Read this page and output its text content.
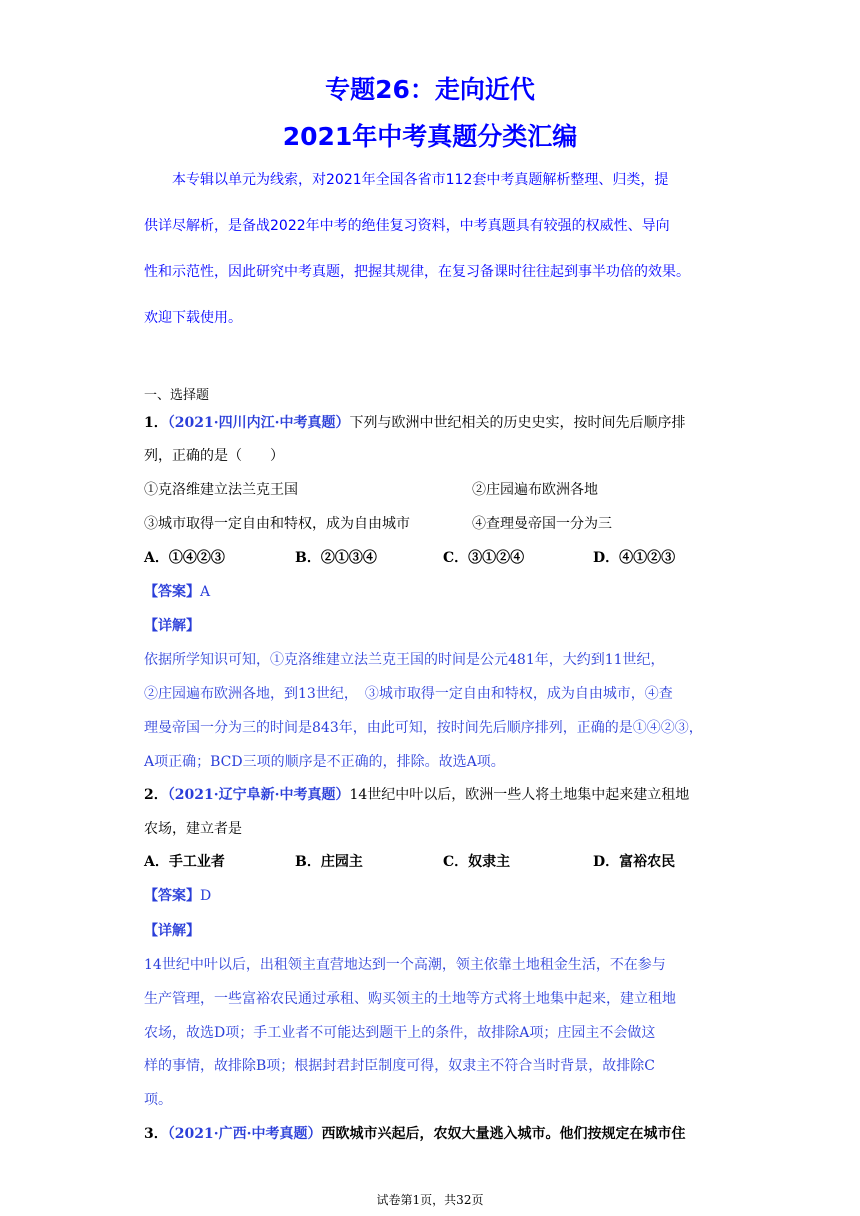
专题26：走向近代
2021年中考真题分类汇编
　　本专辑以单元为线索，对2021年全国各省市112套中考真题解析整理、归类，提
供详尽解析，是备战2022年中考的绝佳复习资料，中考真题具有较强的权威性、导向
性和示范性，因此研究中考真题，把握其规律，在复习备课时往往起到事半功倍的效果。
欢迎下载使用。
一、选择题
1．（2021·四川内江·中考真题）下列与欧洲中世纪相关的历史史实，按时间先后顺序排
列，正确的是（　　）
①克洛维建立法兰克王国	②庄园遍布欧洲各地
③城市取得一定自由和特权，成为自由城市	④查理曼帝国一分为三
A．①④②③	B．②①③④	C．③①②④	D．④①②③
【答案】A
【详解】
依据所学知识可知，①克洛维建立法兰克王国的时间是公元481年，大约到11世纪，
②庄园遍布欧洲各地，到13世纪，　③城市取得一定自由和特权，成为自由城市，④查
理曼帝国一分为三的时间是843年，由此可知，按时间先后顺序排列，正确的是①④②③，
A项正确；BCD三项的顺序是不正确的，排除。故选A项。
2．（2021·辽宁阜新·中考真题）14世纪中叶以后，欧洲一些人将土地集中起来建立租地
农场，建立者是
A．手工业者	B．庄园主	C．奴隶主	D．富裕农民
【答案】D
【详解】
14世纪中叶以后，出租领主直营地达到一个高潮，领主依靠土地租金生活，不在参与
生产管理，一些富裕农民通过承租、购买领主的土地等方式将土地集中起来，建立租地
农场，故选D项；手工业者不可能达到题干上的条件，故排除A项；庄园主不会做这
样的事情，故排除B项；根据封君封臣制度可得，奴隶主不符合当时背景，故排除C
项。
3．（2021·广西·中考真题）西欧城市兴起后，农奴大量逃入城市。他们按规定在城市住
试卷第1页，共32页
